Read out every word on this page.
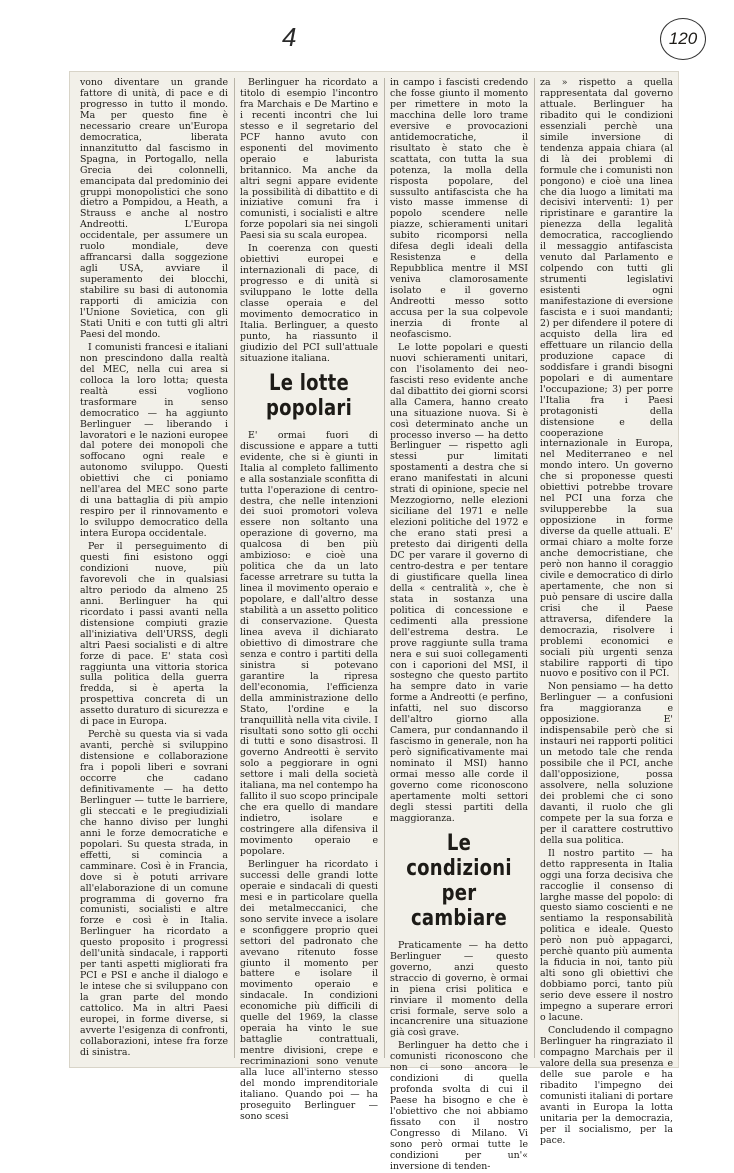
4	120

vono diventare un grande fattore di unità, di pace e di progresso in tutto il mondo. Ma per questo fine è necessario creare un'Europa democratica, liberata innanzitutto dal fascismo in Spagna, in Portogallo, nella Grecia dei colonnelli, emancipata dal predominio dei gruppi monopolistici che sono dietro a Pompidou, a Heath, a Strauss e anche al nostro Andreotti. L'Europa occidentale, per assumere un ruolo mondiale, deve affrancarsi dalla soggezione agli USA, avviare il superamento dei blocchi, stabilire su basi di autonomia rapporti di amicizia con l'Unione Sovietica, con gli Stati Uniti e con tutti gli altri Paesi del mondo.

I comunisti francesi e italiani non prescindono dalla realtà del MEC, nella cui area si colloca la loro lotta; questa realtà essi vogliono trasformare in senso democratico — ha aggiunto Berlinguer — liberando i lavoratori e le nazioni europee dal potere dei monopoli che soffocano ogni reale e autonomo sviluppo. Questi obiettivi che ci poniamo nell'area del MEC sono parte di una battaglia di più ampio respiro per il rinnovamento e lo sviluppo democratico della intera Europa occidentale.

Per il perseguimento di questi fini esistono oggi condizioni nuove, più favorevoli che in qualsiasi altro periodo da almeno 25 anni. Berlinguer ha qui ricordato i passi avanti nella distensione compiuti grazie all'iniziativa dell'URSS, degli altri Paesi socialisti e di altre forze di pace. E' stata così raggiunta una vittoria storica sulla politica della guerra fredda, si è aperta la prospettiva concreta di un assetto duraturo di sicurezza e di pace in Europa.

Perchè su questa via si vada avanti, perchè si sviluppino distensione e collaborazione fra i popoli liberi e sovrani occorre che cadano definitivamente — ha detto Berlinguer — tutte le barriere, gli steccati e le pregiudiziali che hanno diviso per lunghi anni le forze democratiche e popolari. Su questa strada, in effetti, si comincia a camminare. Così è in Francia, dove si è potuti arrivare all'elaborazione di un comune programma di governo fra comunisti, socialisti e altre forze e così è in Italia. Berlinguer ha ricordato a questo proposito i progressi dell'unità sindacale, i rapporti per tanti aspetti migliorati fra PCI e PSI e anche il dialogo e le intese che si sviluppano con la gran parte del mondo cattolico. Ma in altri Paesi europei, in forme diverse, si avverte l'esigenza di confronti, collaborazioni, intese fra forze di sinistra.

Berlinguer ha ricordato a titolo di esempio l'incontro fra Marchais e De Martino e i recenti incontri che lui stesso e il segretario del PCF hanno avuto con esponenti del movimento operaio e laburista britannico. Ma anche da altri segni appare evidente la possibilità di dibattito e di iniziative comuni fra i comunisti, i socialisti e altre forze popolari sia nei singoli Paesi sia su scala europea.

In coerenza con questi obiettivi europei e internazionali di pace, di progresso e di unità si sviluppano le lotte della classe operaia e del movimento democratico in Italia. Berlinguer, a questo punto, ha riassunto il giudizio del PCI sull'attuale situazione italiana.

Le lotte popolari

E' ormai fuori di discussione e appare a tutti evidente, che si è giunti in Italia al completo fallimento e alla sostanziale sconfitta di tutta l'operazione di centro-destra, che nelle intenzioni dei suoi promotori voleva essere non soltanto una operazione di governo, ma qualcosa di ben più ambizioso: e cioè una politica che da un lato facesse arretrare su tutta la linea il movimento operaio e popolare, e dall'altro desse stabilità a un assetto politico di conservazione. Questa linea aveva il dichiarato obiettivo di dimostrare che senza e contro i partiti della sinistra si potevano garantire la ripresa dell'economia, l'efficienza della amministrazione dello Stato, l'ordine e la tranquillità nella vita civile. I risultati sono sotto gli occhi di tutti e sono disastrosi. Il governo Andreotti è servito solo a peggiorare in ogni settore i mali della società italiana, ma nel contempo ha fallito il suo scopo principale che era quello di mandare indietro, isolare e costringere alla difensiva il movimento operaio e popolare.

Berlinguer ha ricordato i successi delle grandi lotte operaie e sindacali di questi mesi e in particolare quella dei metalmeccanici, che sono servite invece a isolare e sconfiggere proprio quei settori del padronato che avevano ritenuto fosse giunto il momento per battere e isolare il movimento operaio e sindacale. In condizioni economiche più difficili di quelle del 1969, la classe operaia ha vinto le sue battaglie contrattuali, mentre divisioni, crepe e recriminazioni sono venute alla luce all'interno stesso del mondo imprenditoriale italiano. Quando poi — ha proseguito Berlinguer — sono scesi

in campo i fascisti credendo che fosse giunto il momento per rimettere in moto la macchina delle loro trame eversive e provocazioni antidemocratiche, il risultato è stato che è scattata, con tutta la sua potenza, la molla della risposta popolare, del sussulto antifascista che ha visto masse immense di popolo scendere nelle piazze, schieramenti unitari subito ricomporsi nella difesa degli ideali della Resistenza e della Repubblica mentre il MSI veniva clamorosamente isolato e il governo Andreotti messo sotto accusa per la sua colpevole inerzia di fronte al neofascismo.

Le lotte popolari e questi nuovi schieramenti unitari, con l'isolamento dei neo-fascisti reso evidente anche dal dibattito dei giorni scorsi alla Camera, hanno creato una situazione nuova. Si è così determinato anche un processo inverso — ha detto Berlinguer — rispetto agli stessi pur limitati spostamenti a destra che si erano manifestati in alcuni strati di opinione, specie nel Mezzogiorno, nelle elezioni siciliane del 1971 e nelle elezioni politiche del 1972 e che erano stati presi a pretesto dai dirigenti della DC per varare il governo di centro-destra e per tentare di giustificare quella linea della « centralità », che è stata in sostanza una politica di concessione e cedimenti alla pressione dell'estrema destra. Le prove raggiunte sulla trama nera e sui suoi collegamenti con i caporioni del MSI, il sostegno che questo partito ha sempre dato in varie forme a Andreotti (e perfino, infatti, nel suo discorso dell'altro giorno alla Camera, pur condannando il fascismo in generale, non ha però significativamente mai nominato il MSI) hanno ormai messo alle corde il governo come riconoscono apertamente molti settori degli stessi partiti della maggioranza.

Le condizioni per cambiare

Praticamente — ha detto Berlinguer — questo governo, anzi questo straccio di governo, è ormai in piena crisi politica e rinviare il momento della crisi formale, serve solo a incancrenire una situazione già così grave.

Berlinguer ha detto che i comunisti riconoscono che non ci sono ancora le condizioni di quella profonda svolta di cui il Paese ha bisogno e che è l'obiettivo che noi abbiamo fissato con il nostro Congresso di Milano. Vi sono però ormai tutte le condizioni per un'« inversione di tenden-

za » rispetto a quella rappresentata dal governo attuale. Berlinguer ha ribadito qui le condizioni essenziali perchè una simile inversione di tendenza appaia chiara (al di là dei problemi di formule che i comunisti non pongono) e cioè una linea che dia luogo a limitati ma decisivi interventi: 1) per ripristinare e garantire la pienezza della legalità democratica, raccogliendo il messaggio antifascista venuto dal Parlamento e colpendo con tutti gli strumenti legislativi esistenti ogni manifestazione di eversione fascista e i suoi mandanti; 2) per difendere il potere di acquisto della lira ed effettuare un rilancio della produzione capace di soddisfare i grandi bisogni popolari e di aumentare l'occupazione; 3) per porre l'Italia fra i Paesi protagonisti della distensione e della cooperazione internazionale in Europa, nel Mediterraneo e nel mondo intero. Un governo che si proponesse questi obiettivi potrebbe trovare nel PCI una forza che svilupperebbe la sua opposizione in forme diverse da quelle attuali. E' ormai chiaro a molte forze anche democristiane, che però non hanno il coraggio civile e democratico di dirlo apertamente, che non si può pensare di uscire dalla crisi che il Paese attraversa, difendere la democrazia, risolvere i problemi economici e sociali più urgenti senza stabilire rapporti di tipo nuovo e positivo con il PCI.

Non pensiamo — ha detto Berlinguer — a confusioni fra maggioranza e opposizione. E' indispensabile però che si instauri nei rapporti politici un metodo tale che renda possibile che il PCI, anche dall'opposizione, possa assolvere, nella soluzione dei problemi che ci sono davanti, il ruolo che gli compete per la sua forza e per il carattere costruttivo della sua politica.

Il nostro partito — ha detto rappresenta in Italia oggi una forza decisiva che raccoglie il consenso di larghe masse del popolo: di questo siamo coscienti e ne sentiamo la responsabilità politica e ideale. Questo però non può appagarci, perchè quanto più aumenta la fiducia in noi, tanto più alti sono gli obiettivi che dobbiamo porci, tanto più serio deve essere il nostro impegno a superare errori o lacune.

Concludendo il compagno Berlinguer ha ringraziato il compagno Marchais per il valore della sua presenza e delle sue parole e ha ribadito l'impegno dei comunisti italiani di portare avanti in Europa la lotta unitaria per la democrazia, per il socialismo, per la pace.
